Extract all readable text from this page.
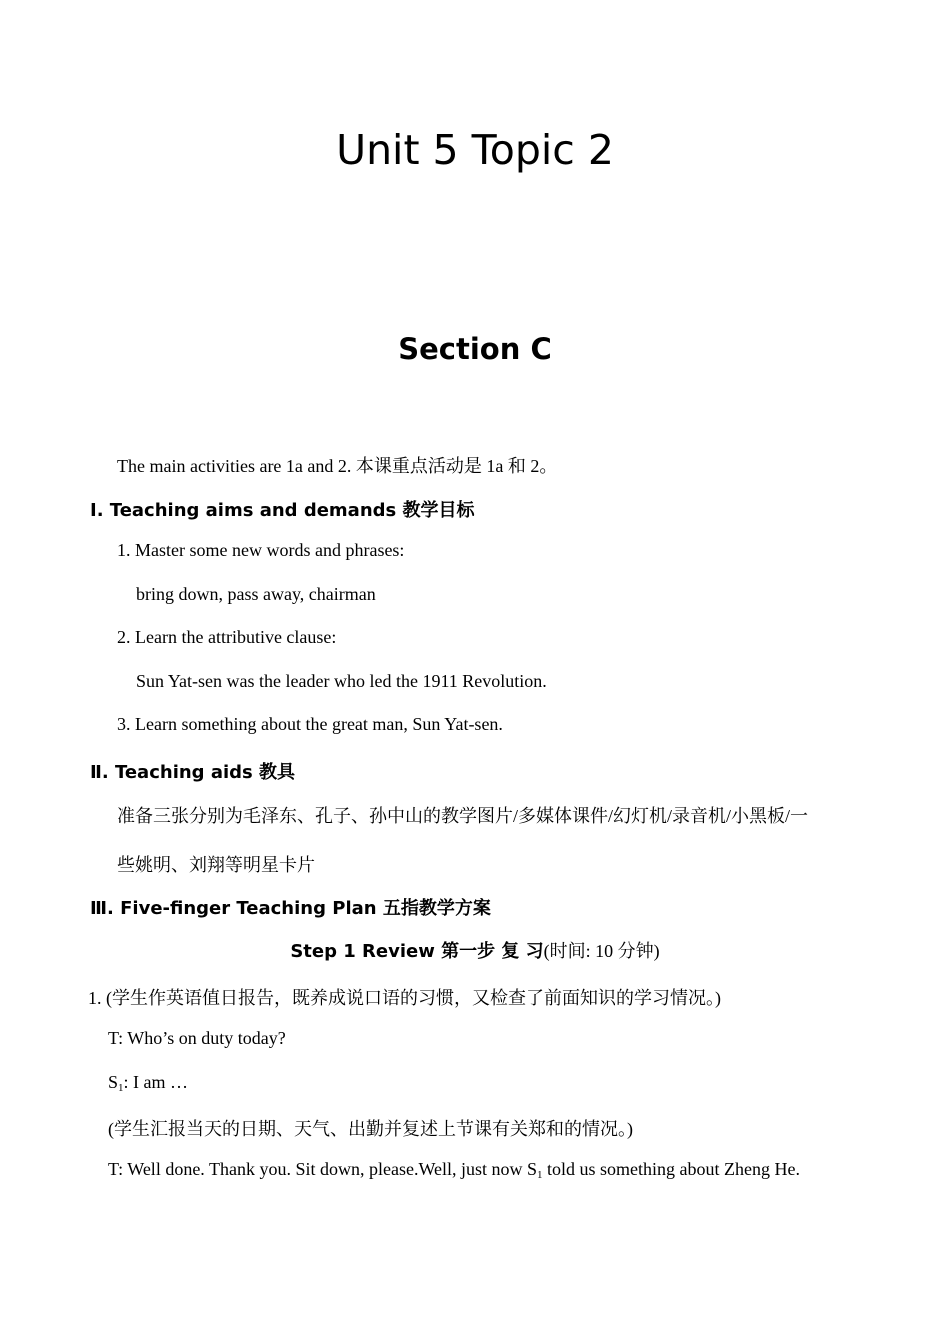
Unit 5 Topic 2
Section C
The main activities are 1a and 2. 本课重点活动是 1a 和 2。
Ⅰ. Teaching aims and demands 教学目标
1. Master some new words and phrases:
bring down, pass away, chairman
2. Learn the attributive clause:
Sun Yat-sen was the leader who led the 1911 Revolution.
3. Learn something about the great man, Sun Yat-sen.
Ⅱ. Teaching aids 教具
准备三张分别为毛泽东、孔子、孙中山的教学图片/多媒体课件/幻灯机/录音机/小黑板/一
些姚明、刘翔等明星卡片
Ⅲ. Five-finger Teaching Plan 五指教学方案
Step 1 Review 第一步 复 习(时间: 10 分钟)
1. (学生作英语值日报告，既养成说口语的习惯，又检查了前面知识的学习情况。)
T: Who’s on duty today?
$S_1$: I am …
(学生汇报当天的日期、天气、出勤并复述上节课有关郑和的情况。)
T: Well done. Thank you. Sit down, please.Well, just now $S_1$ told us something about Zheng He.
